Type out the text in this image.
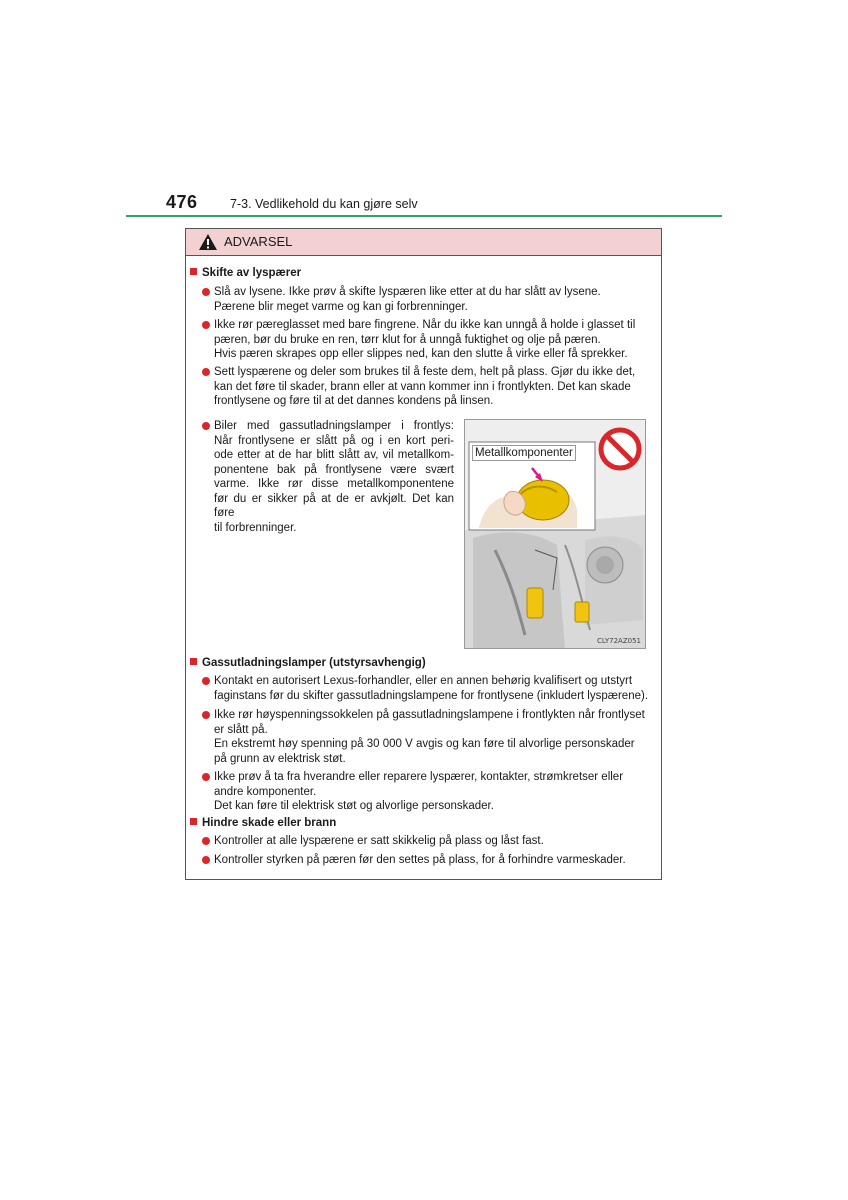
476	7-3. Vedlikehold du kan gjøre selv
ADVARSEL
Skifte av lyspærer
Slå av lysene. Ikke prøv å skifte lyspæren like etter at du har slått av lysene.
Pærene blir meget varme og kan gi forbrenninger.
Ikke rør pæreglasset med bare fingrene. Når du ikke kan unngå å holde i glasset til
pæren, bør du bruke en ren, tørr klut for å unngå fuktighet og olje på pæren.
Hvis pæren skrapes opp eller slippes ned, kan den slutte å virke eller få sprekker.
Sett lyspærene og deler som brukes til å feste dem, helt på plass. Gjør du ikke det,
kan det føre til skader, brann eller at vann kommer inn i frontlykten. Det kan skade
frontlysene og føre til at det dannes kondens på linsen.
Biler med gassutladningslamper i frontlys:
Når frontlysene er slått på og i en kort peri-
ode etter at de har blitt slått av, vil metallkom-
ponentene bak på frontlysene være svært
varme. Ikke rør disse metallkomponentene
før du er sikker på at de er avkjølt. Det kan føre
til forbrenninger.
Metallkomponenter
CLY72AZ051
Gassutladningslamper (utstyrsavhengig)
Kontakt en autorisert Lexus-forhandler, eller en annen behørig kvalifisert og utstyrt
faginstans før du skifter gassutladningslampene for frontlysene (inkludert lyspærene).
Ikke rør høyspenningssokkelen på gassutladningslampene i frontlykten når frontlyset
er slått på.
En ekstremt høy spenning på 30 000 V avgis og kan føre til alvorlige personskader
på grunn av elektrisk støt.
Ikke prøv å ta fra hverandre eller reparere lyspærer, kontakter, strømkretser eller
andre komponenter.
Det kan føre til elektrisk støt og alvorlige personskader.
Hindre skade eller brann
Kontroller at alle lyspærene er satt skikkelig på plass og låst fast.
Kontroller styrken på pæren før den settes på plass, for å forhindre varmeskader.
